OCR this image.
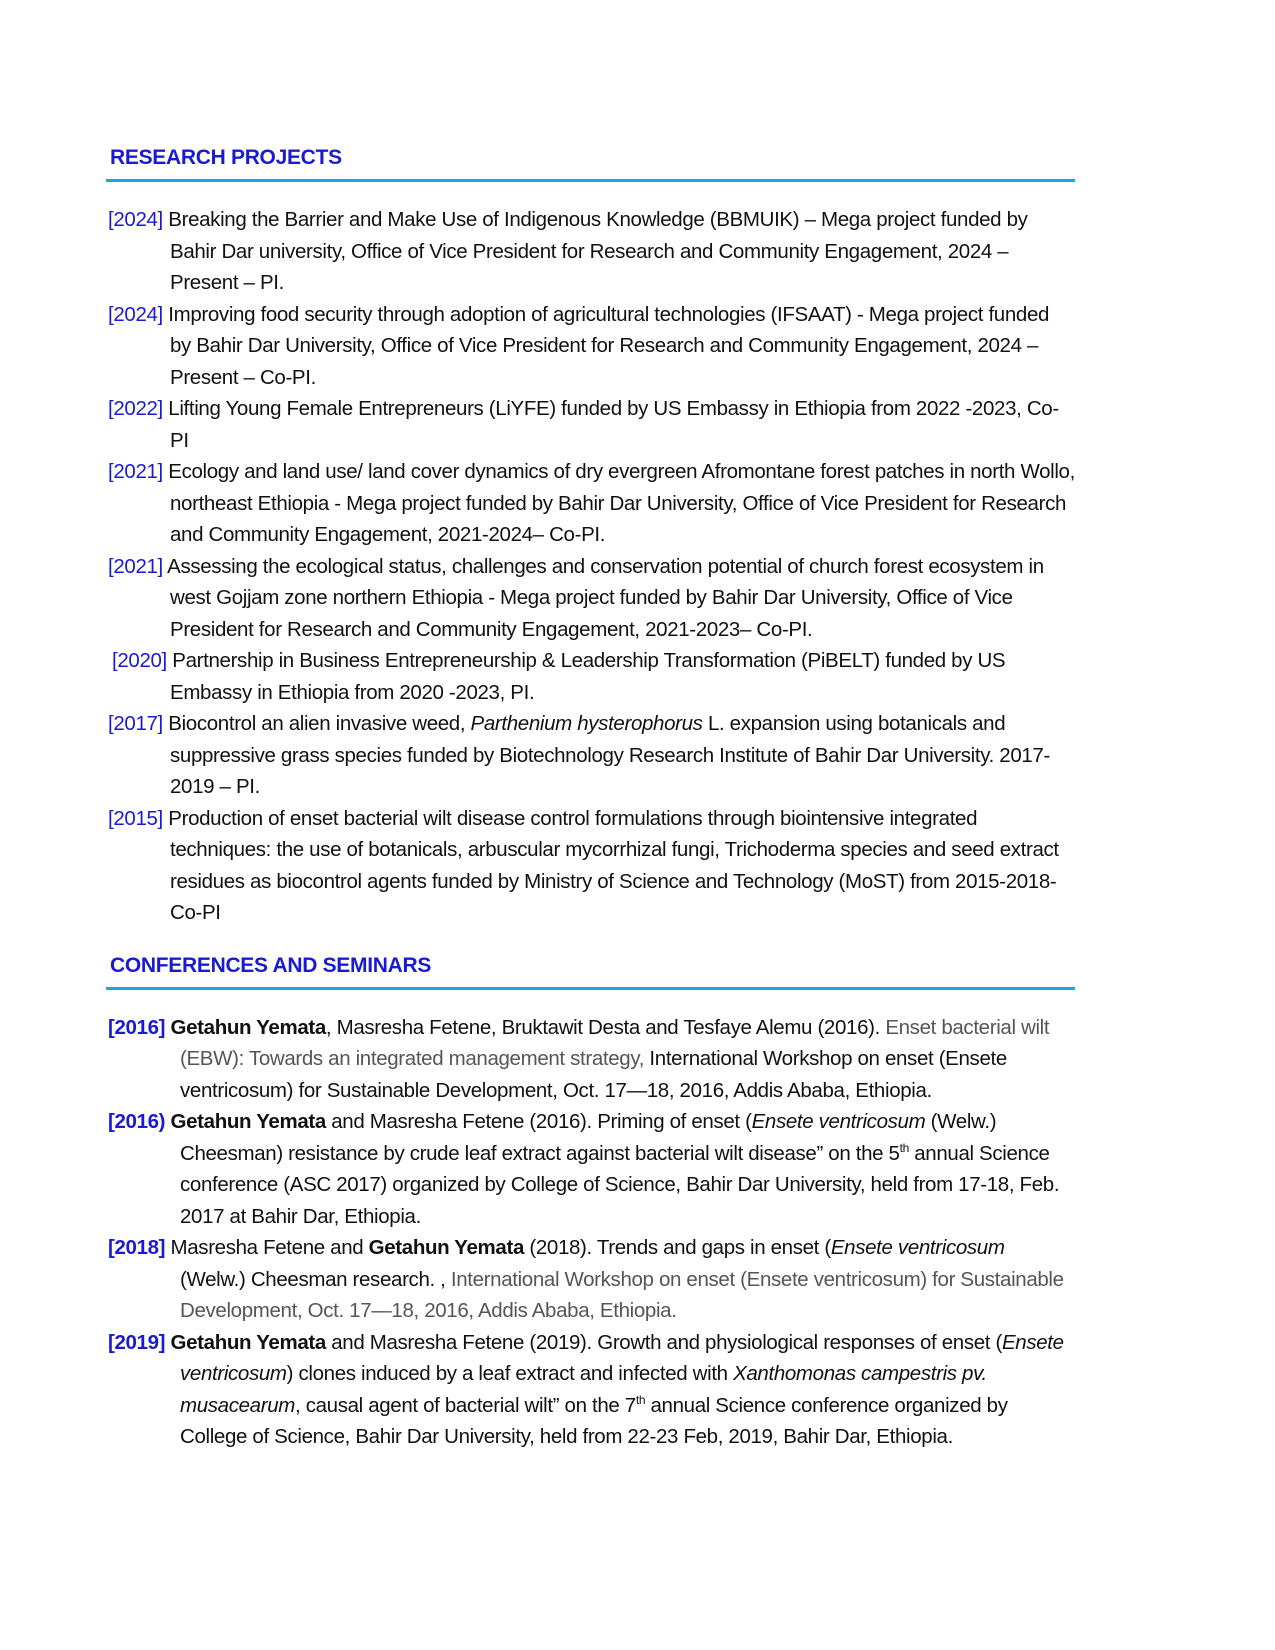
RESEARCH PROJECTS

[2024] Breaking the Barrier and Make Use of Indigenous Knowledge (BBMUIK) – Mega project funded by Bahir Dar university, Office of Vice President for Research and Community Engagement, 2024 – Present – PI.

[2024] Improving food security through adoption of agricultural technologies (IFSAAT) - Mega project funded by Bahir Dar University, Office of Vice President for Research and Community Engagement, 2024 – Present – Co-PI.

[2022] Lifting Young Female Entrepreneurs (LiYFE) funded by US Embassy in Ethiopia from 2022 -2023, Co-PI

[2021] Ecology and land use/ land cover dynamics of dry evergreen Afromontane forest patches in north Wollo, northeast Ethiopia - Mega project funded by Bahir Dar University, Office of Vice President for Research and Community Engagement, 2021-2024– Co-PI.

[2021] Assessing the ecological status, challenges and conservation potential of church forest ecosystem in west Gojjam zone northern Ethiopia - Mega project funded by Bahir Dar University, Office of Vice President for Research and Community Engagement, 2021-2023– Co-PI.

[2020] Partnership in Business Entrepreneurship & Leadership Transformation (PiBELT) funded by US Embassy in Ethiopia from 2020 -2023, PI.

[2017] Biocontrol an alien invasive weed, Parthenium hysterophorus L. expansion using botanicals and suppressive grass species funded by Biotechnology Research Institute of Bahir Dar University. 2017-2019 – PI.

[2015] Production of enset bacterial wilt disease control formulations through biointensive integrated techniques: the use of botanicals, arbuscular mycorrhizal fungi, Trichoderma species and seed extract residues as biocontrol agents funded by Ministry of Science and Technology (MoST) from 2015-2018-Co-PI

CONFERENCES AND SEMINARS

[2016] Getahun Yemata, Masresha Fetene, Bruktawit Desta and Tesfaye Alemu (2016). Enset bacterial wilt (EBW): Towards an integrated management strategy, International Workshop on enset (Ensete ventricosum) for Sustainable Development, Oct. 17—18, 2016, Addis Ababa, Ethiopia.

[2016) Getahun Yemata and Masresha Fetene (2016). Priming of enset (Ensete ventricosum (Welw.) Cheesman) resistance by crude leaf extract against bacterial wilt disease” on the 5th annual Science conference (ASC 2017) organized by College of Science, Bahir Dar University, held from 17-18, Feb. 2017 at Bahir Dar, Ethiopia.

[2018] Masresha Fetene and Getahun Yemata (2018). Trends and gaps in enset (Ensete ventricosum (Welw.) Cheesman research. , International Workshop on enset (Ensete ventricosum) for Sustainable Development, Oct. 17—18, 2016, Addis Ababa, Ethiopia.

[2019] Getahun Yemata and Masresha Fetene (2019). Growth and physiological responses of enset (Ensete ventricosum) clones induced by a leaf extract and infected with Xanthomonas campestris pv. musacearum, causal agent of bacterial wilt” on the 7th annual Science conference organized by College of Science, Bahir Dar University, held from 22-23 Feb, 2019, Bahir Dar, Ethiopia.
